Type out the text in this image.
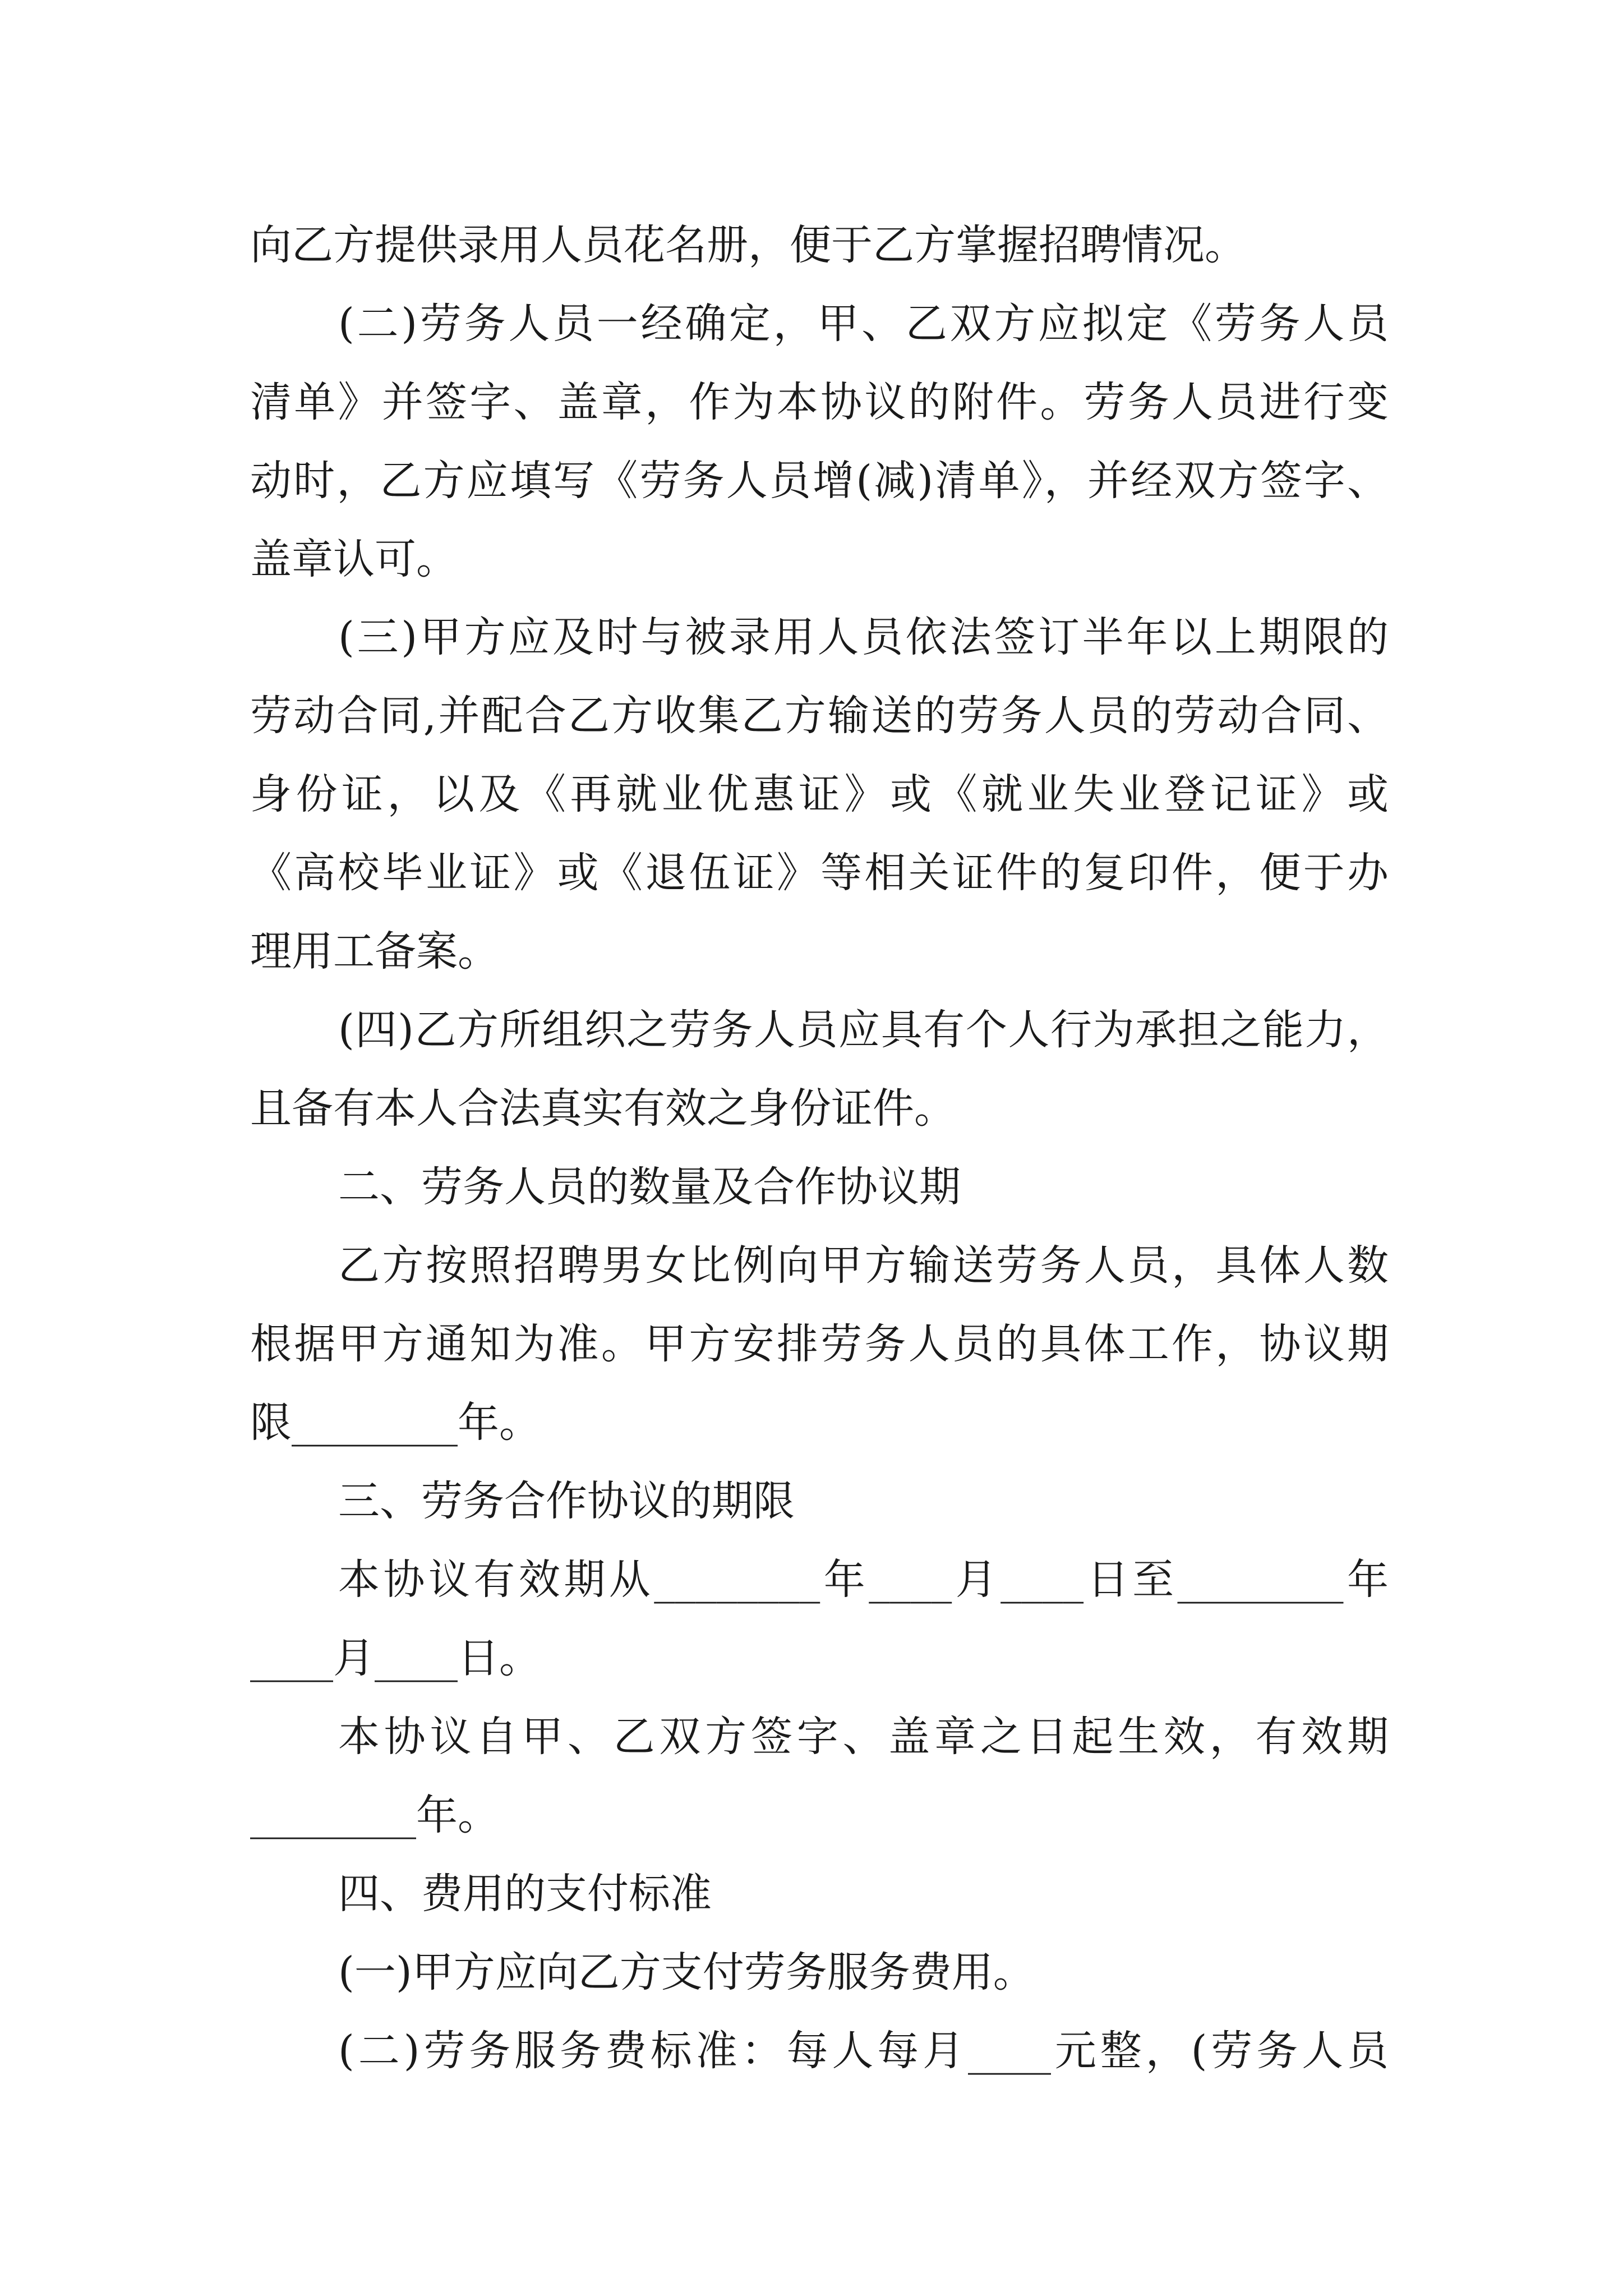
向乙方提供录用人员花名册，便于乙方掌握招聘情况。
(二)劳务人员一经确定，甲、乙双方应拟定《劳务人员
清单》并签字、盖章，作为本协议的附件。劳务人员进行变
动时，乙方应填写《劳务人员增(减)清单》，并经双方签字、
盖章认可。
(三)甲方应及时与被录用人员依法签订半年以上期限的
劳动合同,并配合乙方收集乙方输送的劳务人员的劳动合同、
身份证，以及《再就业优惠证》或《就业失业登记证》或
《高校毕业证》或《退伍证》等相关证件的复印件，便于办
理用工备案。
(四)乙方所组织之劳务人员应具有个人行为承担之能力，
且备有本人合法真实有效之身份证件。
二、劳务人员的数量及合作协议期
乙方按照招聘男女比例向甲方输送劳务人员，具体人数
根据甲方通知为准。甲方安排劳务人员的具体工作，协议期
限________年。
三、劳务合作协议的期限
本协议有效期从________年____月____日至________年
____月____日。
本协议自甲、乙双方签字、盖章之日起生效，有效期
________年。
四、费用的支付标准
(一)甲方应向乙方支付劳务服务费用。
(二)劳务服务费标准：每人每月____元整，(劳务人员
